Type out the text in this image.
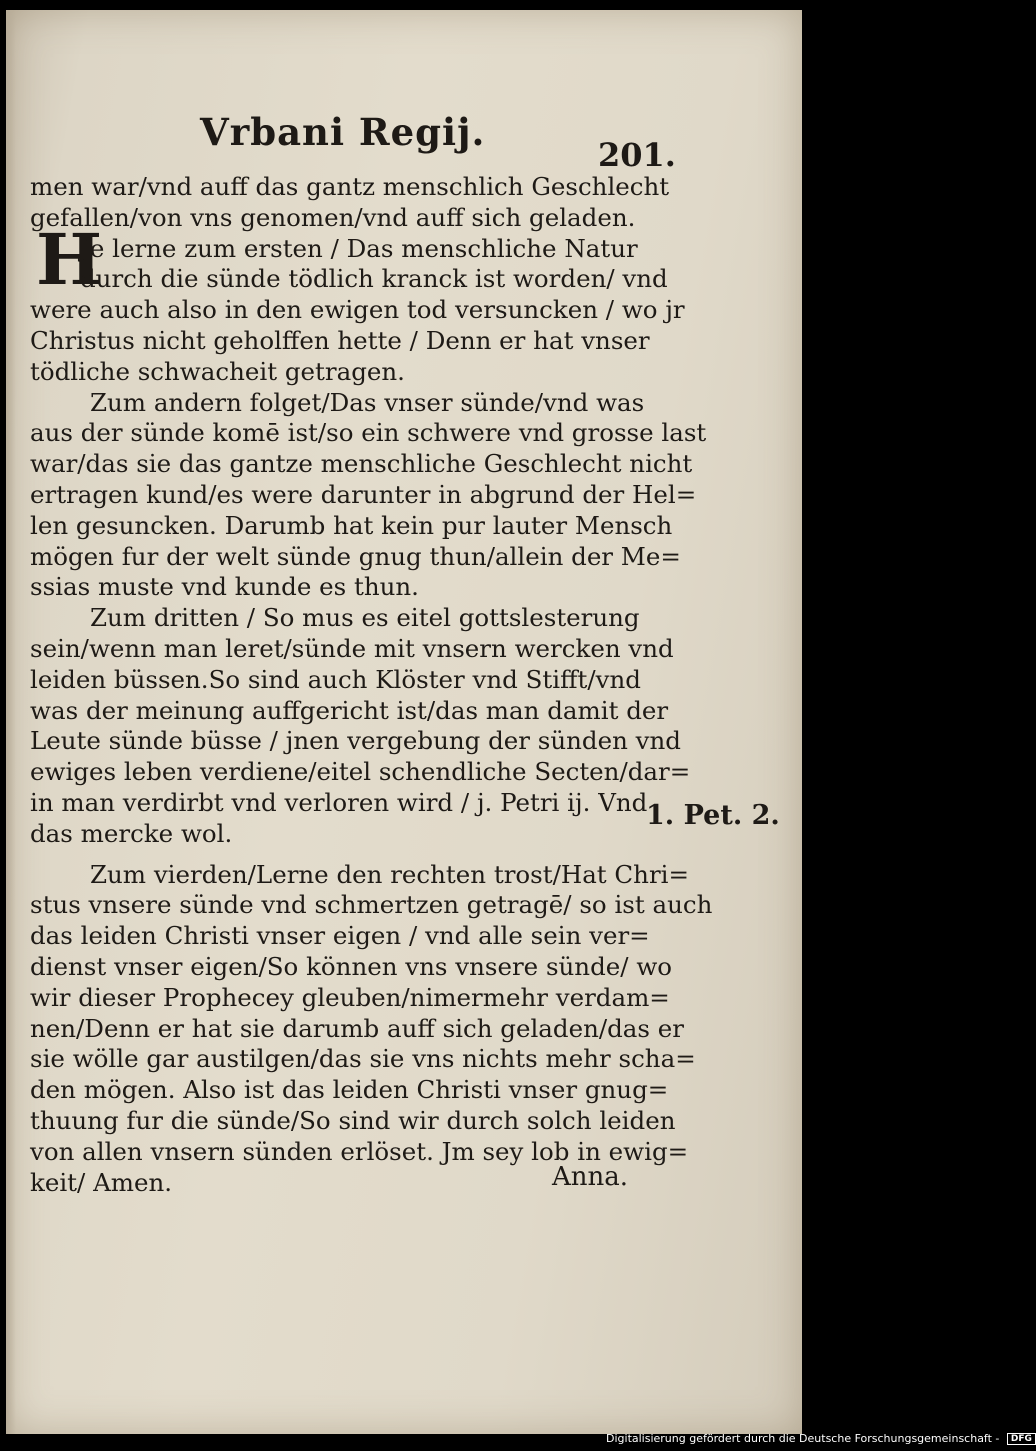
Vrbani Regij.
201.
H
men war/vnd auff das gantz menschlich Geschlecht
gefallen/von vns genomen/vnd auff sich geladen.
Je lerne zum ersten / Das menschliche Natur
durch die sünde tödlich kranck ist worden/ vnd
were auch also in den ewigen tod versuncken / wo jr
Christus nicht geholffen hette / Denn er hat vnser
tödliche schwacheit getragen.
Zum andern folget/Das vnser sünde/vnd was
aus der sünde komē ist/so ein schwere vnd grosse last
war/das sie das gantze menschliche Geschlecht nicht
ertragen kund/es were darunter in abgrund der Hel=
len gesuncken. Darumb hat kein pur lauter Mensch
mögen fur der welt sünde gnug thun/allein der Me=
ssias muste vnd kunde es thun.
Zum dritten / So mus es eitel gottslesterung
sein/wenn man leret/sünde mit vnsern wercken vnd
leiden büssen.So sind auch Klöster vnd Stifft/vnd
was der meinung auffgericht ist/das man damit der
Leute sünde büsse / jnen vergebung der sünden vnd
ewiges leben verdiene/eitel schendliche Secten/dar=
in man verdirbt vnd verloren wird / j. Petri ij. Vnd
das mercke wol.
Zum vierden/Lerne den rechten trost/Hat Chri=
stus vnsere sünde vnd schmertzen getragē/ so ist auch
das leiden Christi vnser eigen / vnd alle sein ver=
dienst vnser eigen/So können vns vnsere sünde/ wo
wir dieser Prophecey gleuben/nimermehr verdam=
nen/Denn er hat sie darumb auff sich geladen/das er
sie wölle gar austilgen/das sie vns nichts mehr scha=
den mögen. Also ist das leiden Christi vnser gnug=
thuung fur die sünde/So sind wir durch solch leiden
von allen vnsern sünden erlöset. Jm sey lob in ewig=
keit/ Amen.
1. Pet. 2.
Anna.
Digitalisierung gefördert durch die Deutsche Forschungsgemeinschaft - DFG
